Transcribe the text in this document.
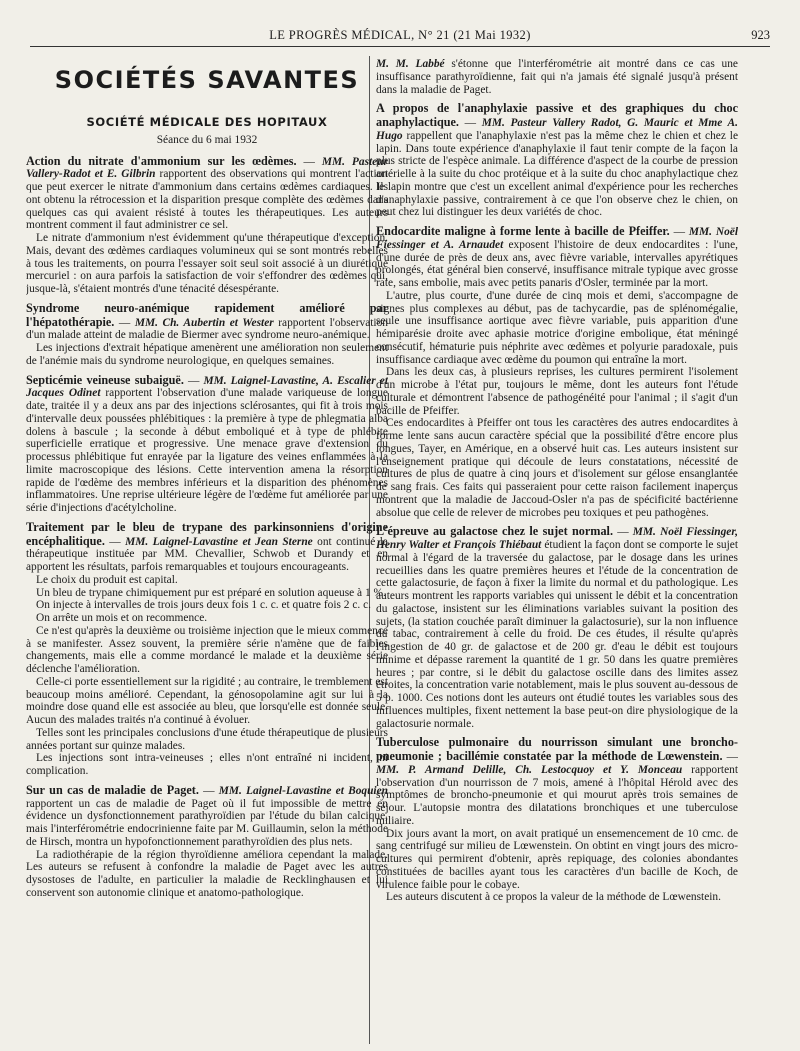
LE PROGRÈS MÉDICAL, N° 21 (21 Mai 1932)	923
SOCIÉTÉS SAVANTES
SOCIÉTÉ MÉDICALE DES HOPITAUX
Séance du 6 mai 1932

Action du nitrate d'ammonium sur les œdèmes. — MM. Pasteur Vallery-Radot et E. Gilbrin rapportent des observations qui montrent l'action que peut exercer le nitrate d'ammonium dans certains œdèmes cardiaques. Ils ont obtenu la rétrocession et la disparition presque complète des œdèmes dans quelques cas qui avaient résisté à toutes les thérapeutiques. Les auteurs montrent comment il faut administrer ce sel.

Le nitrate d'ammonium n'est évidemment qu'une thérapeutique d'exception. Mais, devant des œdèmes cardiaques volumineux qui se sont montrés rebelles à tous les traitements, on pourra l'essayer soit seul soit associé à un diurétique mercuriel : on aura parfois la satisfaction de voir s'effondrer des œdèmes qui, jusque-là, s'étaient montrés d'une ténacité désespérante.

Syndrome neuro-anémique rapidement amélioré par l'hépatothérapie. — MM. Ch. Aubertin et Wester rapportent l'observation d'un malade atteint de maladie de Biermer avec syndrome neuro-anémique.

Les injections d'extrait hépatique amenèrent une amélioration non seulement de l'anémie mais du syndrome neurologique, en quelques semaines.

Septicémie veineuse subaiguë. — MM. Laignel-Lavastine, A. Escalier et Jacques Odinet rapportent l'observation d'une malade variqueuse de longue date, traitée il y a deux ans par des injections sclérosantes, qui fit à trois mois d'intervalle deux poussées phlébitiques : la première à type de phlegmatia alba dolens à bascule ; la seconde à début emboliqué et à type de phlébite superficielle erratique et progressive. Une menace grave d'extension du processus phlébitique fut enrayée par la ligature des veines enflammées à la limite macroscopique des lésions. Cette intervention amena la résorption rapide de l'œdème des membres inférieurs et la disparition des phénomènes inflammatoires. Une reprise ultérieure légère de l'œdème fut améliorée par une série d'injections d'acétylcholine.

Traitement par le bleu de trypane des parkinsonniens d'origine encéphalitique. — MM. Laignel-Lavastine et Jean Sterne ont continué la thérapeutique instituée par MM. Chevallier, Schwob et Durandy et en apportent les résultats, parfois remarquables et toujours encourageants.

Le choix du produit est capital.

Un bleu de trypane chimiquement pur est préparé en solution aqueuse à 1 %.

On injecte à intervalles de trois jours deux fois 1 c. c. et quatre fois 2 c. c.

On arrête un mois et on recommence.

Ce n'est qu'après la deuxième ou troisième injection que le mieux commence à se manifester. Assez souvent, la première série n'amène que de faibles changements, mais elle a comme mordancé le malade et la deuxième série déclenche l'amélioration.

Celle-ci porte essentiellement sur la rigidité ; au contraire, le tremblement est beaucoup moins amélioré. Cependant, la génosopolamine agit sur lui à la moindre dose quand elle est associée au bleu, que lorsqu'elle est donnée seule. Aucun des malades traités n'a continué à évoluer.

Telles sont les principales conclusions d'une étude thérapeutique de plusieurs années portant sur quinze malades.

Les injections sont intra-veineuses ; elles n'ont entraîné ni incident, ni complication.

Sur un cas de maladie de Paget. — MM. Laignel-Lavastine et Boquien rapportent un cas de maladie de Paget où il fut impossible de mettre en évidence un dysfonctionnement parathyroïdien par l'étude du bilan calcique, mais l'interférométrie endocrinienne faite par M. Guillaumin, selon la méthode de Hirsch, montra un hypofonctionnement parathyroïdien des plus nets.

La radiothérapie de la région thyroïdienne améliora cependant la malade. Les auteurs se refusent à confondre la maladie de Paget avec les autres dysostoses de l'adulte, en particulier la maladie de Recklinghausen et lui conservent son autonomie clinique et anatomo-pathologique.

M. M. Labbé s'étonne que l'interférométrie ait montré dans ce cas une insuffisance parathyroïdienne, fait qui n'a jamais été signalé jusqu'à présent dans la maladie de Paget.

A propos de l'anaphylaxie passive et des graphiques du choc anaphylactique. — MM. Pasteur Vallery Radot, G. Mauric et Mme A. Hugo rappellent que l'anaphylaxie n'est pas la même chez le chien et chez le lapin. Dans toute expérience d'anaphylaxie il faut tenir compte de la façon la plus stricte de l'espèce animale. La différence d'aspect de la courbe de pression artérielle à la suite du choc protéique et à la suite du choc anaphylactique chez le lapin montre que c'est un excellent animal d'expérience pour les recherches d'anaphylaxie passive, contrairement à ce que l'on observe chez le chien, on peut chez lui distinguer les deux variétés de choc.

Endocardite maligne à forme lente à bacille de Pfeiffer. — MM. Noël Fiessinger et A. Arnaudet exposent l'histoire de deux endocardites : l'une, d'une durée de près de deux ans, avec fièvre variable, intervalles apyrétiques prolongés, état général bien conservé, insuffisance mitrale typique avec grosse rate, sans embolie, mais avec petits panaris d'Osler, terminée par la mort.

L'autre, plus courte, d'une durée de cinq mois et demi, s'accompagne de signes plus complexes au début, pas de tachycardie, pas de splénomégalie, seule une insuffisance aortique avec fièvre variable, puis apparition d'une hémiparésie droite avec aphasie motrice d'origine embolique, état méningé consécutif, hématurie puis néphrite avec œdèmes et polyurie paradoxale, puis insuffisance cardiaque avec œdème du poumon qui entraîne la mort.

Dans les deux cas, à plusieurs reprises, les cultures permirent l'isolement d'un microbe à l'état pur, toujours le même, dont les auteurs font l'étude culturale et démontrent l'absence de pathogénéité pour l'animal ; il s'agit d'un bacille de Pfeiffer.

Ces endocardites à Pfeiffer ont tous les caractères des autres endocardites à forme lente sans aucun caractère spécial que la possibilité d'être encore plus longues, Tayer, en Amérique, en a observé huit cas. Les auteurs insistent sur l'enseignement pratique qui découle de leurs constatations, nécessité de cultures de plus de quatre à cinq jours et d'isolement sur gélose ensanglantée de sang frais. Ces faits qui passeraient pour cette raison facilement inaperçus montrent que la maladie de Jaccoud-Osler n'a pas de spécificité bactérienne absolue que celle de relever de microbes peu toxiques et peu pathogènes.

L'épreuve au galactose chez le sujet normal. — MM. Noël Fiessinger, Henry Walter et François Thiébaut étudient la façon dont se comporte le sujet normal à l'égard de la traversée du galactose, par le dosage dans les urines recueillies dans les quatre premières heures et l'étude de la concentration de cette galactosurie, de façon à fixer la limite du normal et du pathologique. Les auteurs montrent les rapports variables qui unissent le débit et la concentration du galactose, insistent sur les éliminations variables suivant la position des sujets, (la station couchée paraît diminuer la galactosurie), sur la non influence du tabac, contrairement à celle du froid. De ces études, il résulte qu'après l'ingestion de 40 gr. de galactose et de 200 gr. d'eau le débit est toujours minime et dépasse rarement la quantité de 1 gr. 50 dans les quatre premières heures ; par contre, si le débit du galactose oscille dans des limites assez étroites, la concentration varie notablement, mais le plus souvent au-dessous de 5 p. 1000. Ces notions dont les auteurs ont étudié toutes les variables sous des influences multiples, fixent nettement la base peut-on dire physiologique de la galactosurie normale.

Tuberculose pulmonaire du nourrisson simulant une broncho-pneumonie ; bacillémie constatée par la méthode de Lœwenstein. — MM. P. Armand Delille, Ch. Lestocquoy et Y. Monceau rapportent l'observation d'un nourrisson de 7 mois, amené à l'hôpital Hérold avec des symptômes de broncho-pneumonie et qui mourut après trois semaines de séjour. L'autopsie montra des dilatations bronchiques et une tuberculose miliaire.

Dix jours avant la mort, on avait pratiqué un ensemencement de 10 cmc. de sang centrifugé sur milieu de Lœwenstein. On obtint en vingt jours des micro-cultures qui permirent d'obtenir, après repiquage, des colonies abondantes constituées de bacilles ayant tous les caractères d'un bacille de Koch, de virulence faible pour le cobaye.

Les auteurs discutent à ce propos la valeur de la méthode de Lœwenstein.
